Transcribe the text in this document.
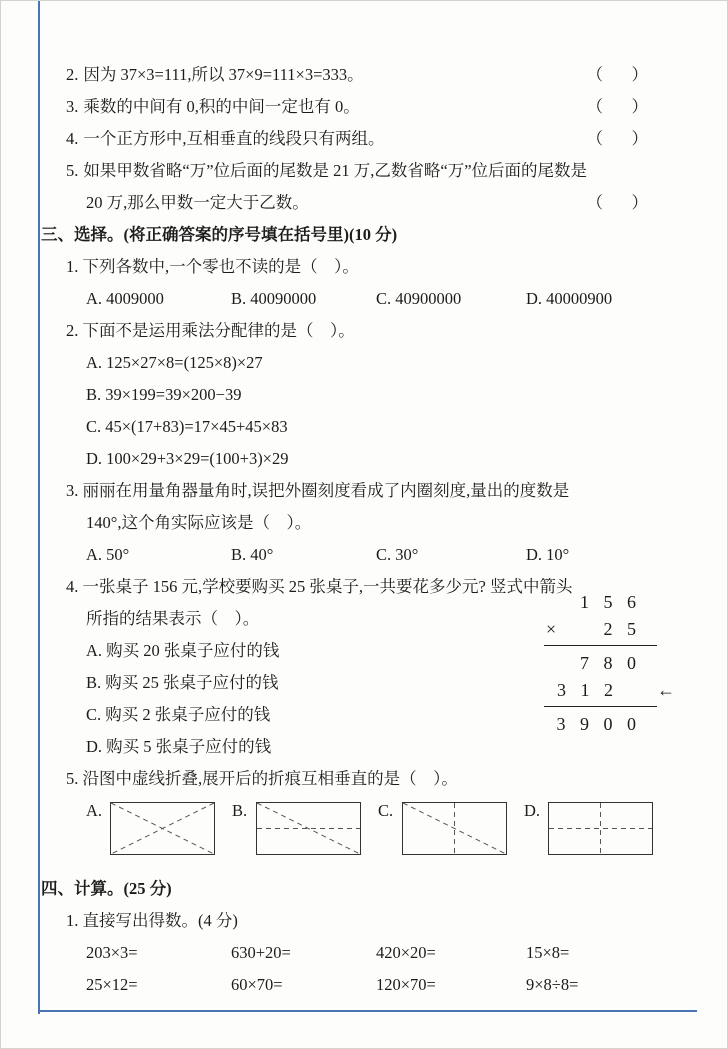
2. 因为 37×3=111,所以 37×9=111×3=333。	（　）
3. 乘数的中间有 0,积的中间一定也有 0。	（　）
4. 一个正方形中,互相垂直的线段只有两组。	（　）
5. 如果甲数省略“万”位后面的尾数是 21 万,乙数省略“万”位后面的尾数是
20 万,那么甲数一定大于乙数。	（　）
三、选择。(将正确答案的序号填在括号里)(10 分)
1. 下列各数中,一个零也不读的是（　）。
A. 4009000	B. 40090000	C. 40900000	D. 40000900
2. 下面不是运用乘法分配律的是（　）。
A. 125×27×8=(125×8)×27
B. 39×199=39×200−39
C. 45×(17+83)=17×45+45×83
D. 100×29+3×29=(100+3)×29
3. 丽丽在用量角器量角时,误把外圈刻度看成了内圈刻度,量出的度数是
140°,这个角实际应该是（　）。
A. 50°	B. 40°	C. 30°	D. 10°
4. 一张桌子 156 元,学校要购买 25 张桌子,一共要花多少元? 竖式中箭头
所指的结果表示（　）。
A. 购买 20 张桌子应付的钱
B. 购买 25 张桌子应付的钱
C. 购买 2 张桌子应付的钱
D. 购买 5 张桌子应付的钱
5. 沿图中虚线折叠,展开后的折痕互相垂直的是（　）。
A.	B.	C.	D.
四、计算。(25 分)
1. 直接写出得数。(4 分)
203×3=	630+20=	420×20=	15×8=
25×12=	60×70=	120×70=	9×8÷8=
1 5 6
×	2 5
7 8 0
3 1 2 ←
3 9 0 0
